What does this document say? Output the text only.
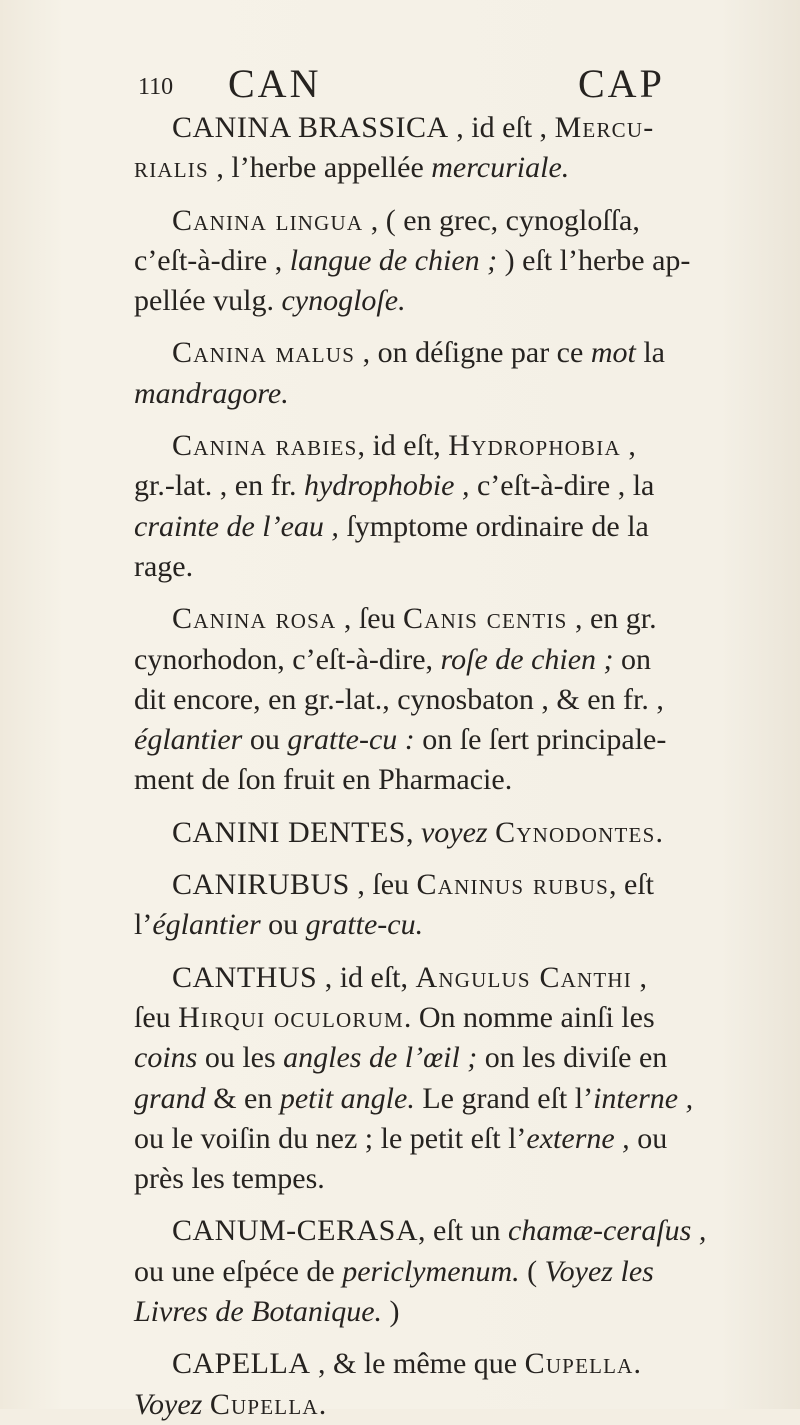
110 CAN	CAP
CANINA BRASSICA , id eſt , Mercu-
rialis , l’herbe appellée mercuriale.
Canina lingua , ( en grec, cynogloſſa,
c’eſt-à-dire , langue de chien ; ) eſt l’herbe ap-
pellée vulg. cynogloſe.
Canina malus , on déſigne par ce mot la
mandragore.
Canina rabies, id eſt, Hydrophobia ,
gr.-lat. , en fr. hydrophobie , c’eſt-à-dire , la
crainte de l’eau , ſymptome ordinaire de la
rage.
Canina rosa , ſeu Canis centis , en gr.
cynorhodon, c’eſt-à-dire, roſe de chien ; on
dit encore, en gr.-lat., cynosbaton , & en fr. ,
églantier ou gratte-cu : on ſe ſert principale-
ment de ſon fruit en Pharmacie.
CANINI DENTES, voyez Cynodontes.
CANIRUBUS , ſeu Caninus rubus, eſt
l’églantier ou gratte-cu.
CANTHUS , id eſt, Angulus Canthi ,
ſeu Hirqui oculorum. On nomme ainſi les
coins ou les angles de l’œil ; on les diviſe en
grand & en petit angle. Le grand eſt l’interne ,
ou le voiſin du nez ; le petit eſt l’externe , ou
près les tempes.
CANUM-CERASA, eſt un chamæ-ceraſus ,
ou une eſpéce de periclymenum. ( Voyez les
Livres de Botanique. )
CAPELLA , & le même que Cupella.
Voyez Cupella.
